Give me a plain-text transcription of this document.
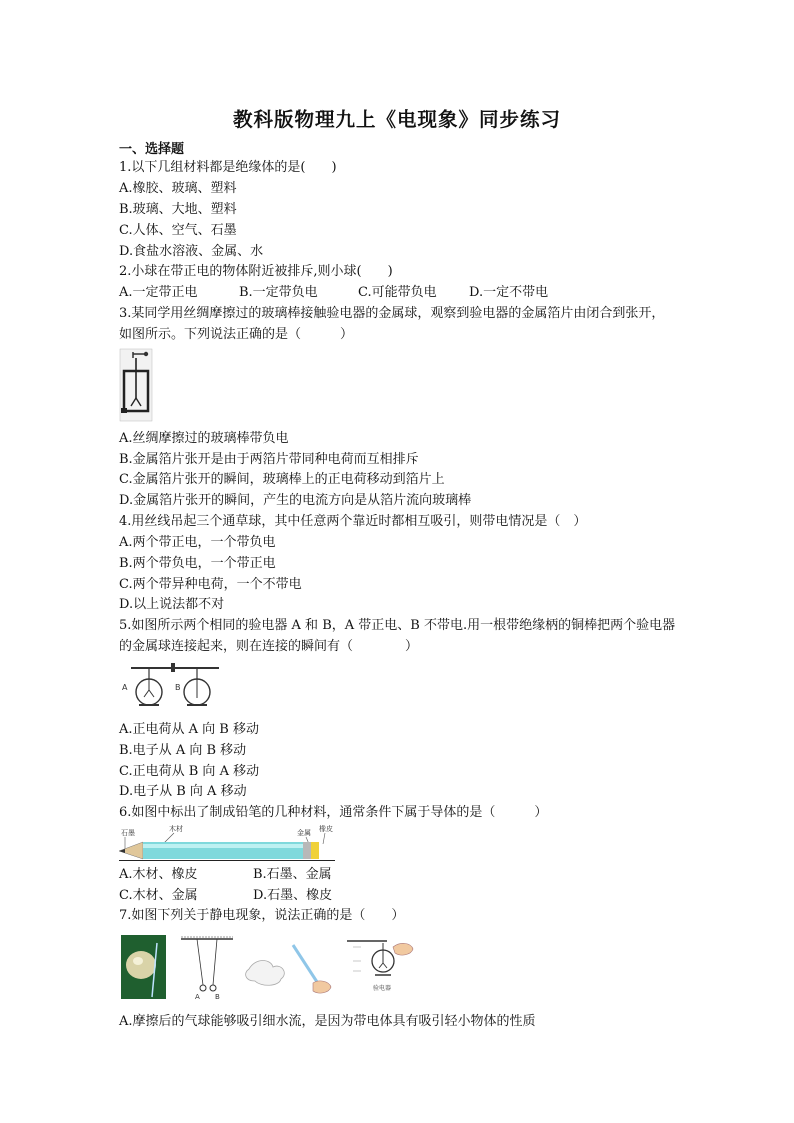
教科版物理九上《电现象》同步练习
一、选择题
1.以下几组材料都是绝缘体的是(　　)
A.橡胶、玻璃、塑料
B.玻璃、大地、塑料
C.人体、空气、石墨
D.食盐水溶液、金属、水
2.小球在带正电的物体附近被排斥,则小球(　　)
A.一定带正电	B.一定带负电	C.可能带负电 D.一定不带电
3.某同学用丝绸摩擦过的玻璃棒接触验电器的金属球，观察到验电器的金属箔片由闭合到张开，
如图所示。下列说法正确的是（　　　）
A.丝绸摩擦过的玻璃棒带负电
B.金属箔片张开是由于两箔片带同种电荷而互相排斥
C.金属箔片张开的瞬间，玻璃棒上的正电荷移动到箔片上
D.金属箔片张开的瞬间，产生的电流方向是从箔片流向玻璃棒
4.用丝线吊起三个通草球，其中任意两个靠近时都相互吸引，则带电情况是（　）
A.两个带正电，一个带负电
B.两个带负电，一个带正电
C.两个带异种电荷，一个不带电
D.以上说法都不对
5.如图所示两个相同的验电器 A 和 B，A 带正电、B 不带电.用一根带绝缘柄的铜棒把两个验电器
的金属球连接起来，则在连接的瞬间有（　　　　）
A	B
A.正电荷从 A 向 B 移动
B.电子从 A 向 B 移动
C.正电荷从 B 向 A 移动
D.电子从 B 向 A 移动
6.如图中标出了制成铅笔的几种材料，通常条件下属于导体的是（　　　）
石墨	木材	金属 橡皮
A.木材、橡皮	B.石墨、金属
C.木材、金属	D.石墨、橡皮
7.如图下列关于静电现象，说法正确的是（　　）
A B
验电器
A.摩擦后的气球能够吸引细水流，是因为带电体具有吸引轻小物体的性质
